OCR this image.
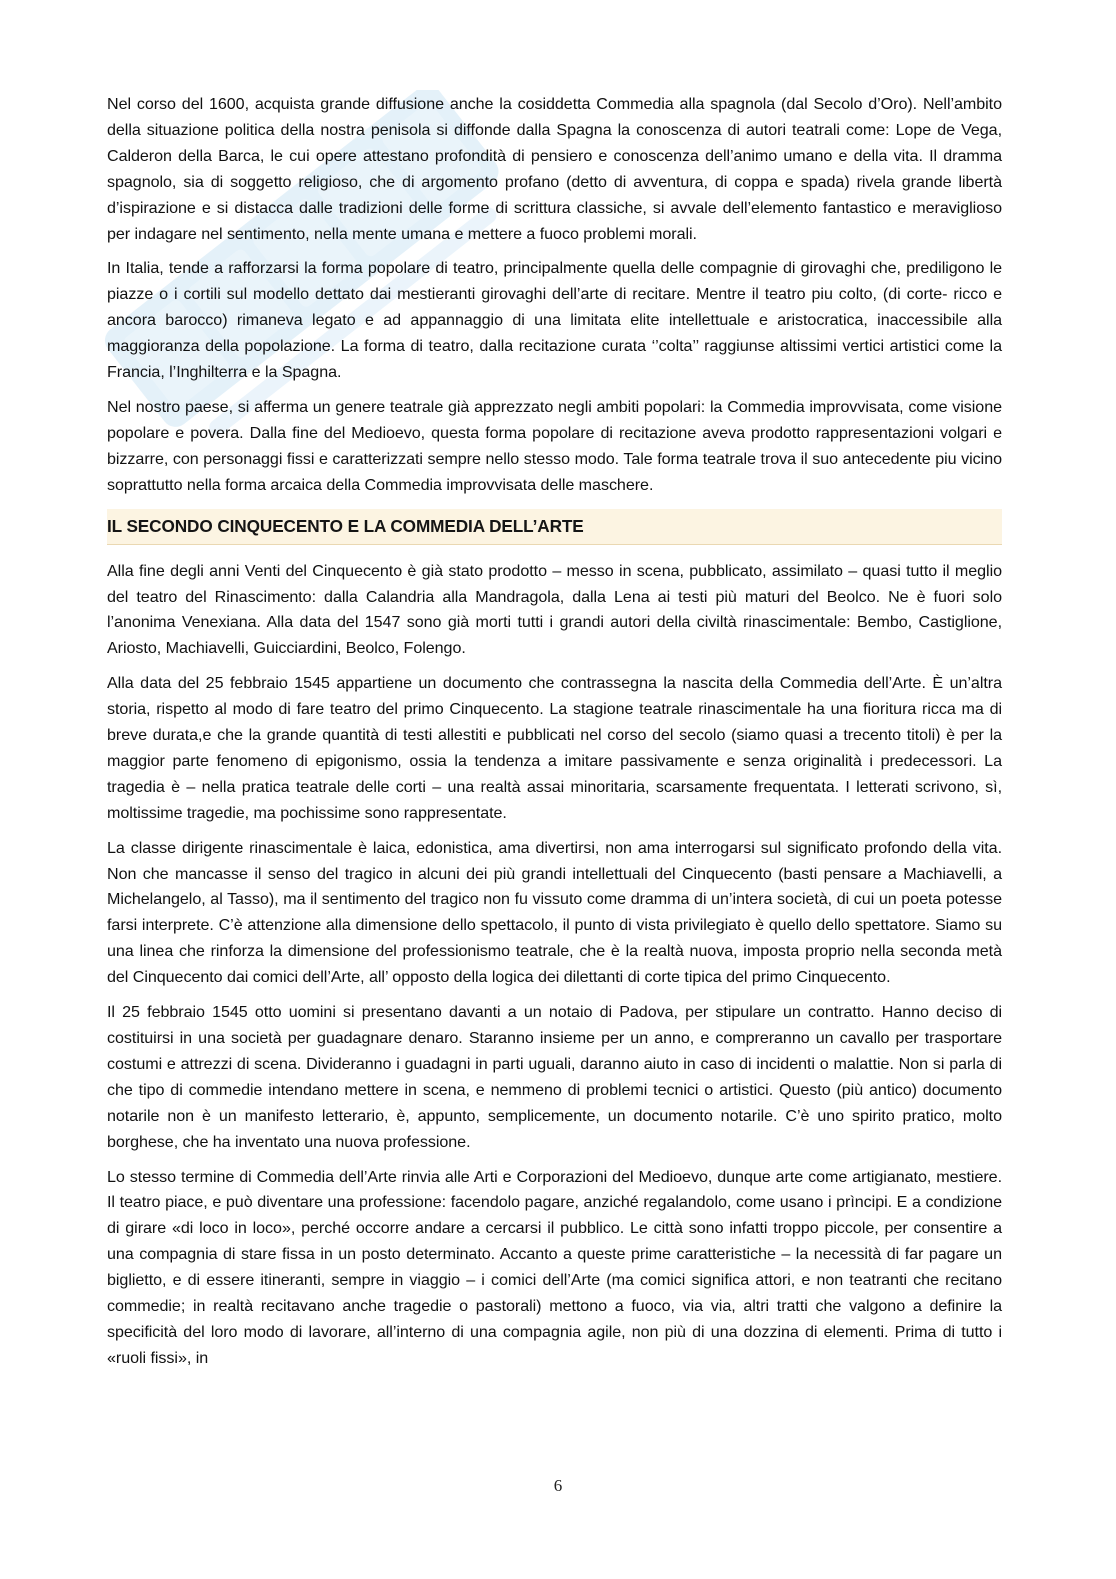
Nel corso del 1600, acquista grande diffusione anche la cosiddetta Commedia alla spagnola (dal Secolo d’Oro). Nell’ambito della situazione politica della nostra penisola si diffonde dalla Spagna la conoscenza di autori teatrali come: Lope de Vega, Calderon della Barca, le cui opere attestano profondità di pensiero e conoscenza dell’animo umano e della vita. Il dramma spagnolo, sia di soggetto religioso, che di argomento profano (detto di avventura, di coppa e spada) rivela grande libertà d’ispirazione e si distacca dalle tradizioni delle forme di scrittura classiche, si avvale dell’elemento fantastico e meraviglioso per indagare nel sentimento, nella mente umana e mettere a fuoco problemi morali.

In Italia, tende a rafforzarsi la forma popolare di teatro, principalmente quella delle compagnie di girovaghi che, prediligono le piazze o i cortili sul modello dettato dai mestieranti girovaghi dell’arte di recitare. Mentre il teatro piu colto, (di corte- ricco e ancora barocco) rimaneva legato e ad appannaggio di una limitata elite intellettuale e aristocratica, inaccessibile alla maggioranza della popolazione. La forma di teatro, dalla recitazione curata ‘’colta’’ raggiunse altissimi vertici artistici come la Francia, l’Inghilterra e la Spagna.

Nel nostro paese, si afferma un genere teatrale già apprezzato negli ambiti popolari: la Commedia improvvisata, come visione popolare e povera. Dalla fine del Medioevo, questa forma popolare di recitazione aveva prodotto rappresentazioni volgari e bizzarre, con personaggi fissi e caratterizzati sempre nello stesso modo. Tale forma teatrale trova il suo antecedente piu vicino soprattutto nella forma arcaica della Commedia improvvisata delle maschere.

IL SECONDO CINQUECENTO E LA COMMEDIA DELL’ARTE

Alla fine degli anni Venti del Cinquecento è già stato prodotto – messo in scena, pubblicato, assimilato – quasi tutto il meglio del teatro del Rinascimento: dalla Calandria alla Mandragola, dalla Lena ai testi più maturi del Beolco. Ne è fuori solo l’anonima Venexiana. Alla data del 1547 sono già morti tutti i grandi autori della civiltà rinascimentale: Bembo, Castiglione, Ariosto, Machiavelli, Guicciardini, Beolco, Folengo.

Alla data del 25 febbraio 1545 appartiene un documento che contrassegna la nascita della Commedia dell’Arte. È un’altra storia, rispetto al modo di fare teatro del primo Cinquecento. La stagione teatrale rinascimentale ha una fioritura ricca ma di breve durata,e che la grande quantità di testi allestiti e pubblicati nel corso del secolo (siamo quasi a trecento titoli) è per la maggior parte fenomeno di epigonismo, ossia la tendenza a imitare passivamente e senza originalità i predecessori. La tragedia è – nella pratica teatrale delle corti – una realtà assai minoritaria, scarsamente frequentata. I letterati scrivono, sì, moltissime tragedie, ma pochissime sono rappresentate.

La classe dirigente rinascimentale è laica, edonistica, ama divertirsi, non ama interrogarsi sul significato profondo della vita. Non che mancasse il senso del tragico in alcuni dei più grandi intellettuali del Cinquecento (basti pensare a Machiavelli, a Michelangelo, al Tasso), ma il sentimento del tragico non fu vissuto come dramma di un’intera società, di cui un poeta potesse farsi interprete. C’è attenzione alla dimensione dello spettacolo, il punto di vista privilegiato è quello dello spettatore. Siamo su una linea che rinforza la dimensione del professionismo teatrale, che è la realtà nuova, imposta proprio nella seconda metà del Cinquecento dai comici dell’Arte, all’ opposto della logica dei dilettanti di corte tipica del primo Cinquecento.

Il 25 febbraio 1545 otto uomini si presentano davanti a un notaio di Padova, per stipulare un contratto. Hanno deciso di costituirsi in una società per guadagnare denaro. Staranno insieme per un anno, e compreranno un cavallo per trasportare costumi e attrezzi di scena. Divideranno i guadagni in parti uguali, daranno aiuto in caso di incidenti o malattie. Non si parla di che tipo di commedie intendano mettere in scena, e nemmeno di problemi tecnici o artistici. Questo (più antico) documento notarile non è un manifesto letterario, è, appunto, semplicemente, un documento notarile. C’è uno spirito pratico, molto borghese, che ha inventato una nuova professione.

Lo stesso termine di Commedia dell’Arte rinvia alle Arti e Corporazioni del Medioevo, dunque arte come artigianato, mestiere. Il teatro piace, e può diventare una professione: facendolo pagare, anziché regalandolo, come usano i prìncipi. E a condizione di girare «di loco in loco», perché occorre andare a cercarsi il pubblico. Le città sono infatti troppo piccole, per consentire a una compagnia di stare fissa in un posto determinato. Accanto a queste prime caratteristiche – la necessità di far pagare un biglietto, e di essere itineranti, sempre in viaggio – i comici dell’Arte (ma comici significa attori, e non teatranti che recitano commedie; in realtà recitavano anche tragedie o pastorali) mettono a fuoco, via via, altri tratti che valgono a definire la specificità del loro modo di lavorare, all’interno di una compagnia agile, non più di una dozzina di elementi. Prima di tutto i «ruoli fissi», in

6
